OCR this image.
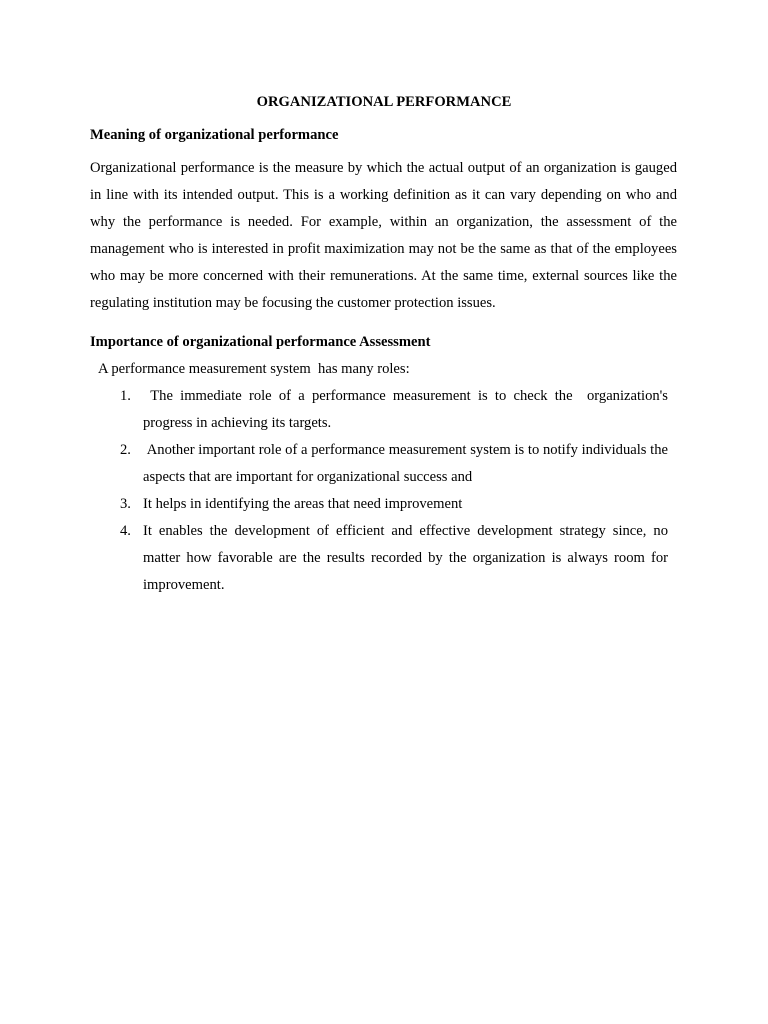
ORGANIZATIONAL PERFORMANCE
Meaning of organizational performance

Organizational performance is the measure by which the actual output of an organization is gauged in line with its intended output. This is a working definition as it can vary depending on who and why the performance is needed. For example, within an organization, the assessment of the management who is interested in profit maximization may not be the same as that of the employees who may be more concerned with their remunerations. At the same time, external sources like the regulating institution may be focusing the customer protection issues.

Importance of organizational performance Assessment

A performance measurement system  has many roles:

1. The immediate role of a performance measurement is to check the  organization's progress in achieving its targets.
2. Another important role of a performance measurement system is to notify individuals the aspects that are important for organizational success and
3. It helps in identifying the areas that need improvement
4. It enables the development of efficient and effective development strategy since, no matter how favorable are the results recorded by the organization is always room for improvement.
